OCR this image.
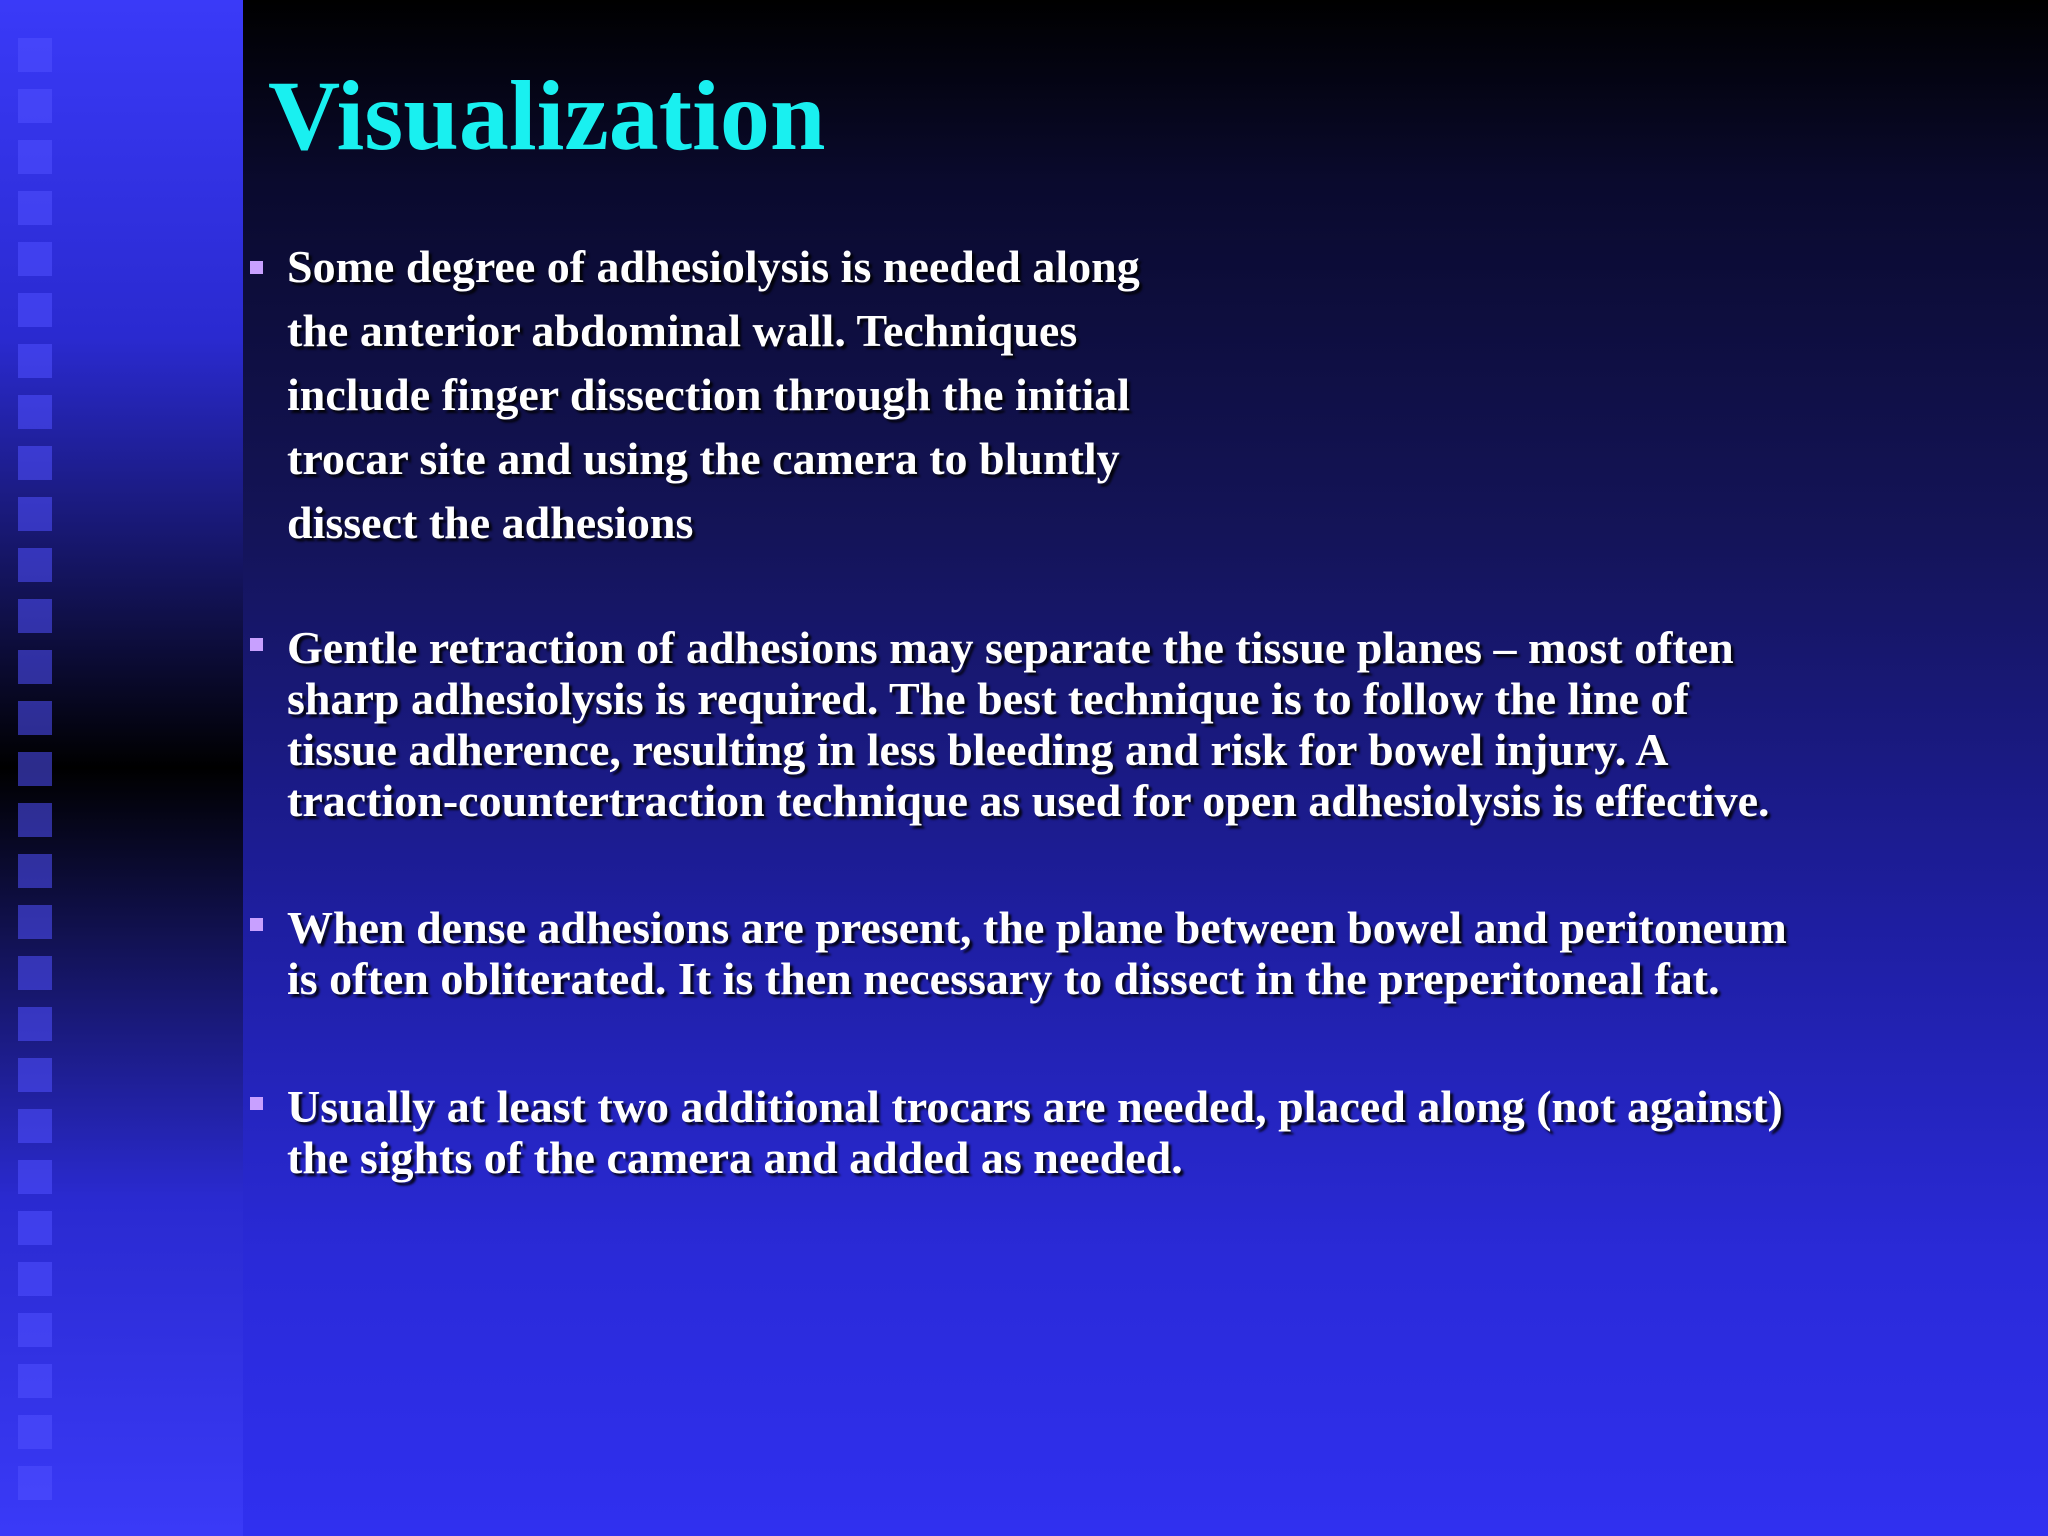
Visualization
Some degree of adhesiolysis is needed along
the anterior abdominal wall. Techniques
include finger dissection through the initial
trocar site and using the camera to bluntly
dissect the adhesions
Gentle retraction of adhesions may separate the tissue planes – most often
sharp adhesiolysis is required. The best technique is to follow the line of
tissue adherence, resulting in less bleeding and risk for bowel injury. A
traction-countertraction technique as used for open adhesiolysis is effective.
When dense adhesions are present, the plane between bowel and peritoneum
is often obliterated. It is then necessary to dissect in the preperitoneal fat.
Usually at least two additional trocars are needed, placed along (not against)
the sights of the camera and added as needed.
